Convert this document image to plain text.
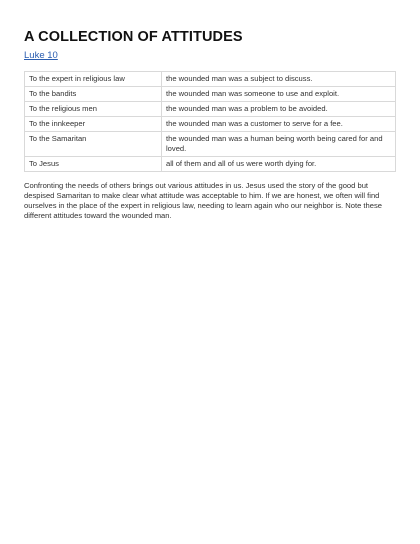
A COLLECTION OF ATTITUDES
Luke 10
To the expert in religious law	the wounded man was a subject to discuss.
To the bandits	the wounded man was someone to use and exploit.
To the religious men	the wounded man was a problem to be avoided.
To the innkeeper	the wounded man was a customer to serve for a fee.
To the Samaritan	the wounded man was a human being worth being cared for and loved.
To Jesus	all of them and all of us were worth dying for.

Confronting the needs of others brings out various attitudes in us. Jesus used the story of the good but despised Samaritan to make clear what attitude was acceptable to him. If we are honest, we often will find ourselves in the place of the expert in religious law, needing to learn again who our neighbor is. Note these different attitudes toward the wounded man.
